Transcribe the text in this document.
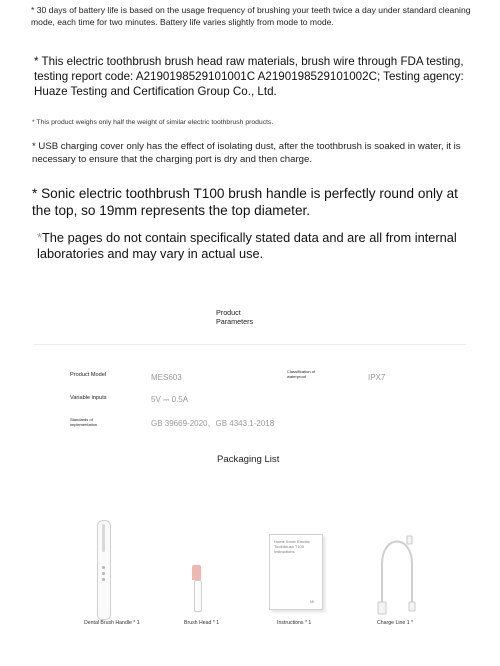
* 30 days of battery life is based on the usage frequency of brushing your teeth twice a day under standard cleaning mode, each time for two minutes. Battery life varies slightly from mode to mode.

* This electric toothbrush brush head raw materials, brush wire through FDA testing, testing report code: A2190198529101001C A2190198529101002C; Testing agency: Huaze Testing and Certification Group Co., Ltd.

* This product weighs only half the weight of similar electric toothbrush products.

* USB charging cover only has the effect of isolating dust, after the toothbrush is soaked in water, it is necessary to ensure that the charging port is dry and then charge.

* Sonic electric toothbrush T100 brush handle is perfectly round only at the top, so 19mm represents the top diameter.

*The pages do not contain specifically stated data and are all from internal laboratories and may vary in actual use.

Product
Parameters
Product Model	MES603
Classification of
waterproof	IPX7
Variable inputs	5V ⎓ 0.5A
Standards of
implementation	GB 39669-2020、GB 4343.1-2018
Packaging List
Dental Brush Handle * 1	Brush Head * 1
Home Sonic Electric Toothbrush T100 Instructions
MI
Instructions * 1	Charge Line 1 *
